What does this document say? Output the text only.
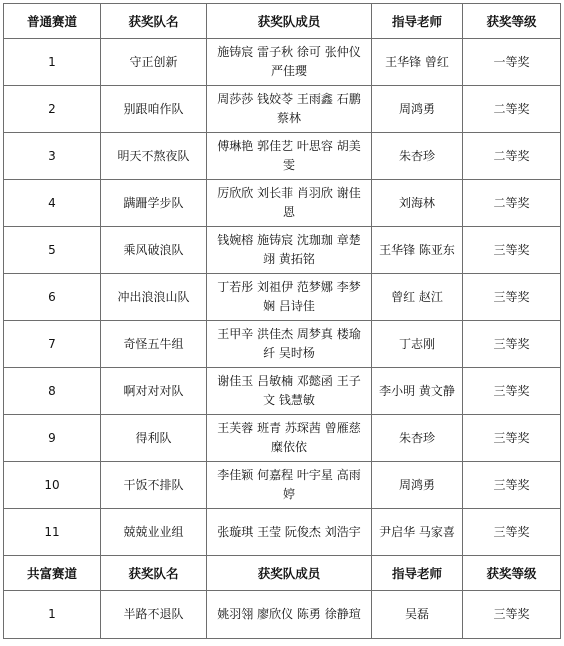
普通赛道	获奖队名	获奖队成员	指导老师	获奖等级
1	守正创新	施铸宸 雷子秋 徐可 张仲仪 严佳瓔	王华锋 曾红	一等奖
2	别跟咱作队	周莎莎 钱姣苓 王雨鑫 石鹏 蔡林	周鸿勇	二等奖
3	明天不熬夜队	傅琳艳 郭佳艺 叶思容 胡美雯	朱杏珍	二等奖
4	蹒跚学步队	厉欣欣 刘长菲 肖羽欣 谢佳恩	刘海林	二等奖
5	乘风破浪队	钱婉榕 施铸宸 沈珈珈 章楚翊 黄拓铭	王华锋 陈亚东	三等奖
6	冲出浪浪山队	丁若彤 刘祖伊 范梦娜 李梦娴 吕诗佳	曾红 赵江	三等奖
7	奇怪五牛组	王甲辛 洪佳杰 周梦真 楼瑜纤 吴时杨	丁志刚	三等奖
8	啊对对对队	谢佳玉 吕敏楠 邓懿函 王子文 钱慧敏	李小明 黄文静	三等奖
9	得利队	王芙蓉 班青 苏琛茜 曾雁慈 糜依依	朱杏珍	三等奖
10	干饭不排队	李佳颖 何嘉程 叶宇星 高雨婷	周鸿勇	三等奖
11	兢兢业业组	张璇琪 王莹 阮俊杰 刘浩宇	尹启华 马家喜	三等奖
共富赛道	获奖队名	获奖队成员	指导老师	获奖等级
1	半路不退队	姚羽翎 廖欣仪 陈勇 徐静瑄	吴磊	三等奖
